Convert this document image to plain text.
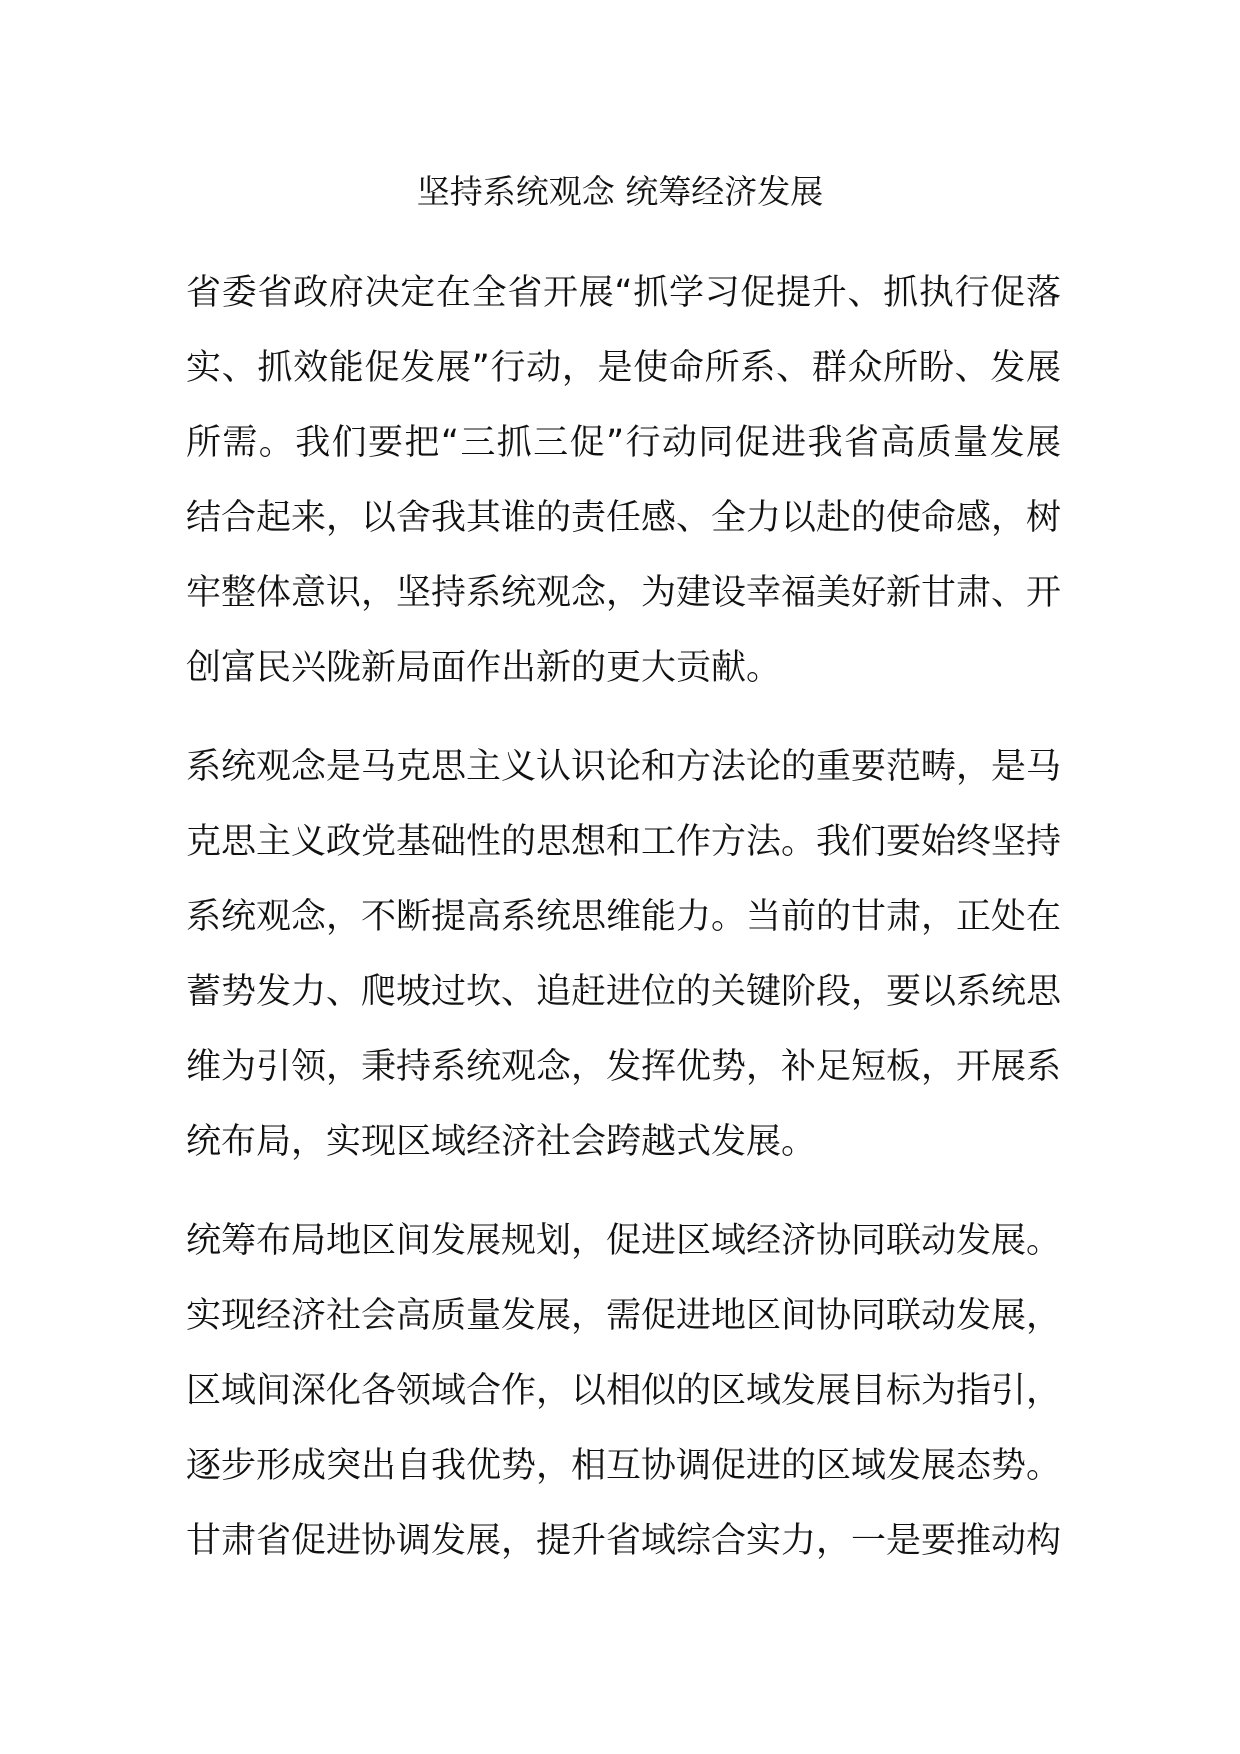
坚持系统观念 统筹经济发展
省委省政府决定在全省开展“抓学习促提升、抓执行促落
实、抓效能促发展”行动，是使命所系、群众所盼、发展
所需。我们要把“三抓三促”行动同促进我省高质量发展
结合起来，以舍我其谁的责任感、全力以赴的使命感，树
牢整体意识，坚持系统观念，为建设幸福美好新甘肃、开
创富民兴陇新局面作出新的更大贡献。
系统观念是马克思主义认识论和方法论的重要范畴，是马
克思主义政党基础性的思想和工作方法。我们要始终坚持
系统观念，不断提高系统思维能力。当前的甘肃，正处在
蓄势发力、爬坡过坎、追赶进位的关键阶段，要以系统思
维为引领，秉持系统观念，发挥优势，补足短板，开展系
统布局，实现区域经济社会跨越式发展。
统筹布局地区间发展规划，促进区域经济协同联动发展。
实现经济社会高质量发展，需促进地区间协同联动发展，
区域间深化各领域合作，以相似的区域发展目标为指引，
逐步形成突出自我优势，相互协调促进的区域发展态势。
甘肃省促进协调发展，提升省域综合实力，一是要推动构
